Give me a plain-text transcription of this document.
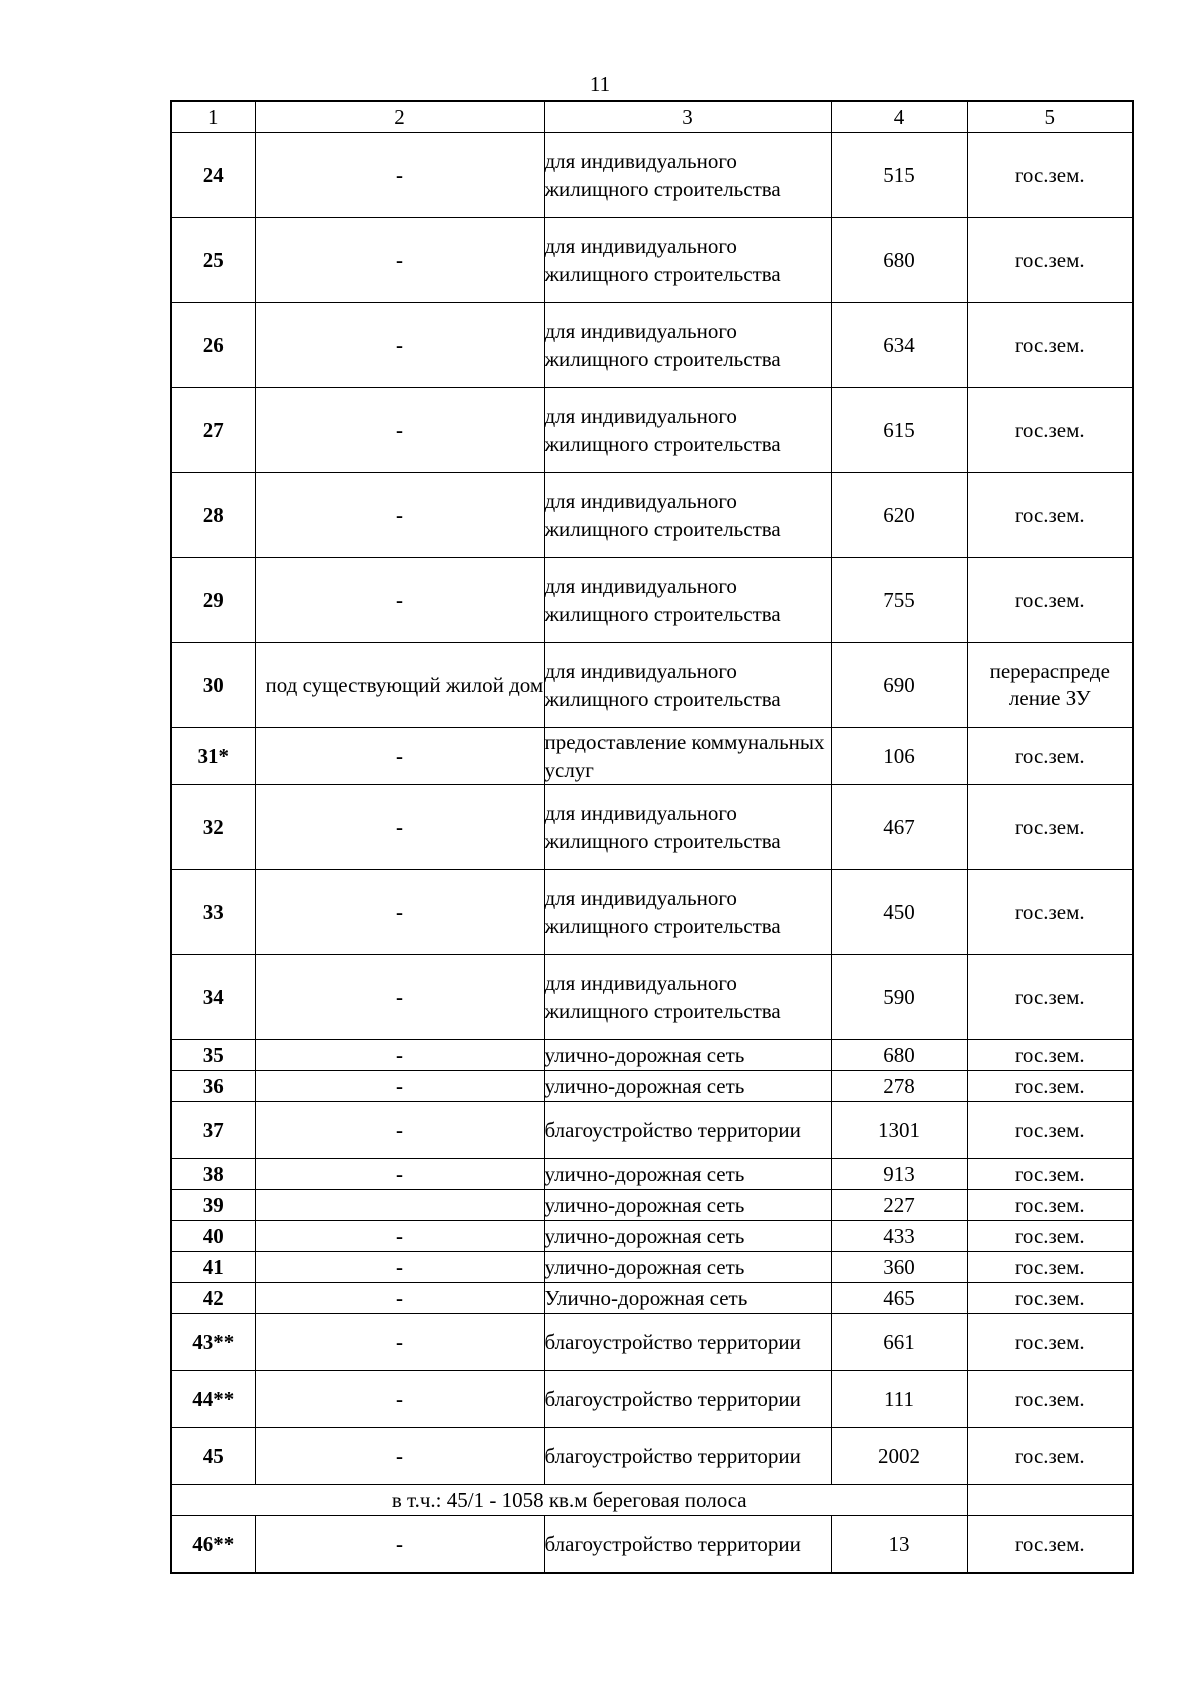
11
1	2	3	4	5
24	-	для индивидуального жилищного строительства	515	гос.зем.
25	-	для индивидуального жилищного строительства	680	гос.зем.
26	-	для индивидуального жилищного строительства	634	гос.зем.
27	-	для индивидуального жилищного строительства	615	гос.зем.
28	-	для индивидуального жилищного строительства	620	гос.зем.
29	-	для индивидуального жилищного строительства	755	гос.зем.
30	под существующий жилой дом	для индивидуального жилищного строительства	690	перераспреде ление ЗУ
31*	-	предоставление коммунальных услуг	106	гос.зем.
32	-	для индивидуального жилищного строительства	467	гос.зем.
33	-	для индивидуального жилищного строительства	450	гос.зем.
34	-	для индивидуального жилищного строительства	590	гос.зем.
35	-	улично-дорожная сеть	680	гос.зем.
36	-	улично-дорожная сеть	278	гос.зем.
37	-	благоустройство территории	1301	гос.зем.
38	-	улично-дорожная сеть	913	гос.зем.
39		улично-дорожная сеть	227	гос.зем.
40	-	улично-дорожная сеть	433	гос.зем.
41	-	улично-дорожная сеть	360	гос.зем.
42	-	Улично-дорожная сеть	465	гос.зем.
43**	-	благоустройство территории	661	гос.зем.
44**	-	благоустройство территории	111	гос.зем.
45	-	благоустройство территории	2002	гос.зем.
в т.ч.: 45/1 - 1058 кв.м береговая полоса				
46**	-	благоустройство территории	13	гос.зем.
